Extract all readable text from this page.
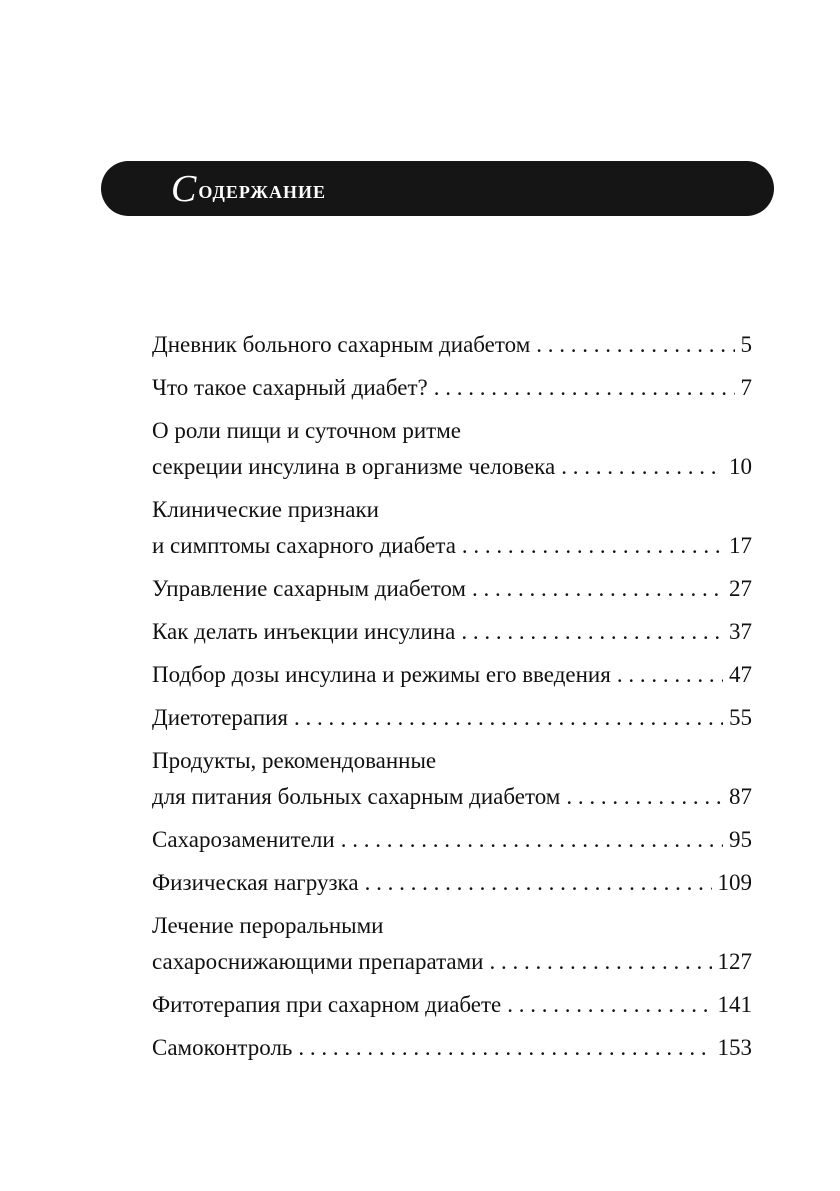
Содержание
Дневник больного сахарным диабетом . . .	5
Что такое сахарный диабет? . . .	7
О роли пищи и суточном ритме
секреции инсулина в организме человека . . .	10
Клинические признаки
и симптомы сахарного диабета . . .	17
Управление сахарным диабетом . . .	27
Как делать инъекции инсулина . . .	37
Подбор дозы инсулина и режимы его введения . . .	47
Диетотерапия . . .	55
Продукты, рекомендованные
для питания больных сахарным диабетом . . .	87
Сахарозаменители . . .	95
Физическая нагрузка . . .	109
Лечение пероральными
сахароснижающими препаратами . . .	127
Фитотерапия при сахарном диабете . . .	141
Самоконтроль . . .	153
